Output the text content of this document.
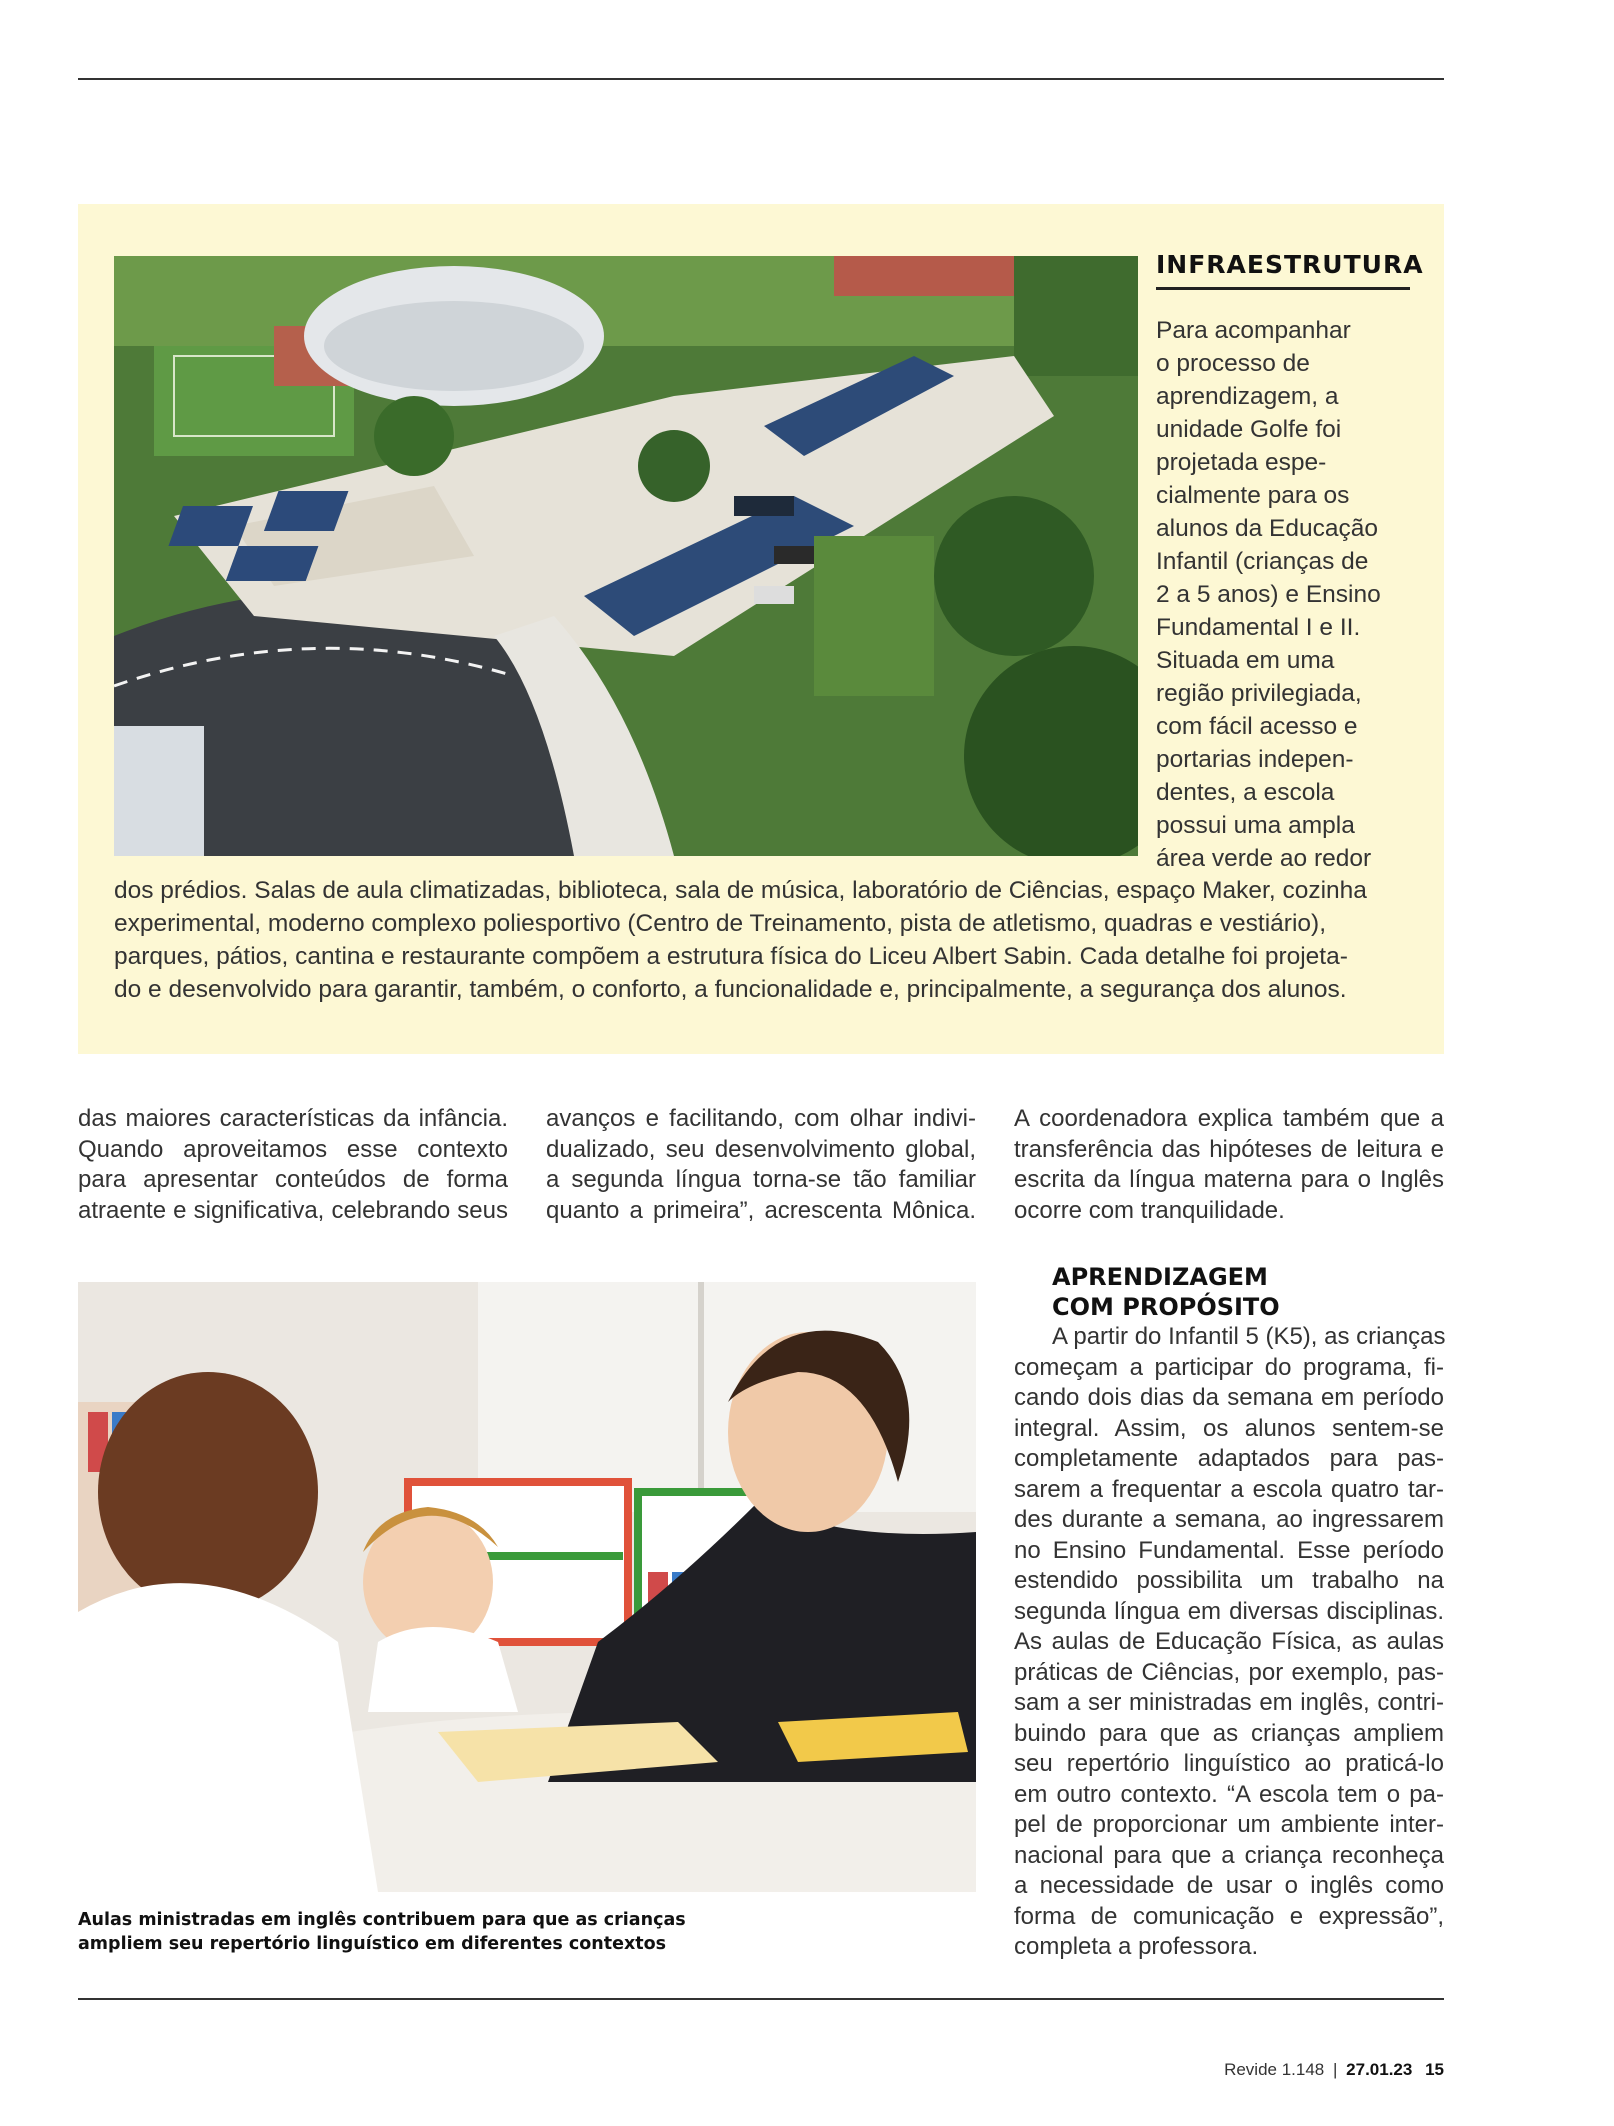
INFRAESTRUTURA
Para acompanhar
o processo de
aprendizagem, a
unidade Golfe foi
projetada espe-
cialmente para os
alunos da Educação
Infantil (crianças de
2 a 5 anos) e Ensino
Fundamental I e II.
Situada em uma
região privilegiada,
com fácil acesso e
portarias indepen-
dentes, a escola
possui uma ampla
área verde ao redor
dos prédios. Salas de aula climatizadas, biblioteca, sala de música, laboratório de Ciências, espaço Maker, cozinha
experimental, moderno complexo poliesportivo (Centro de Treinamento, pista de atletismo, quadras e vestiário),
parques, pátios, cantina e restaurante compõem a estrutura física do Liceu Albert Sabin. Cada detalhe foi projeta-
do e desenvolvido para garantir, também, o conforto, a funcionalidade e, principalmente, a segurança dos alunos.
das maiores características da infância.
Quando aproveitamos esse contexto
para apresentar conteúdos de forma
atraente e significativa, celebrando seus
avanços e facilitando, com olhar indivi-
dualizado, seu desenvolvimento global,
a segunda língua torna-se tão familiar
quanto a primeira”, acrescenta Mônica.
A coordenadora explica também que a
transferência das hipóteses de leitura e
escrita da língua materna para o Inglês
ocorre com tranquilidade.
Aulas ministradas em inglês contribuem para que as crianças
ampliem seu repertório linguístico em diferentes contextos
APRENDIZAGEM
COM PROPÓSITO
A partir do Infantil 5 (K5), as crianças
começam a participar do programa, fi-
cando dois dias da semana em período
integral. Assim, os alunos sentem-se
completamente adaptados para pas-
sarem a frequentar a escola quatro tar-
des durante a semana, ao ingressarem
no Ensino Fundamental. Esse período
estendido possibilita um trabalho na
segunda língua em diversas disciplinas.
As aulas de Educação Física, as aulas
práticas de Ciências, por exemplo, pas-
sam a ser ministradas em inglês, contri-
buindo para que as crianças ampliem
seu repertório linguístico ao praticá-lo
em outro contexto. “A escola tem o pa-
pel de proporcionar um ambiente inter-
nacional para que a criança reconheça
a necessidade de usar o inglês como
forma de comunicação e expressão”,
completa a professora.
Revide 1.148 | 27.01.23 15
